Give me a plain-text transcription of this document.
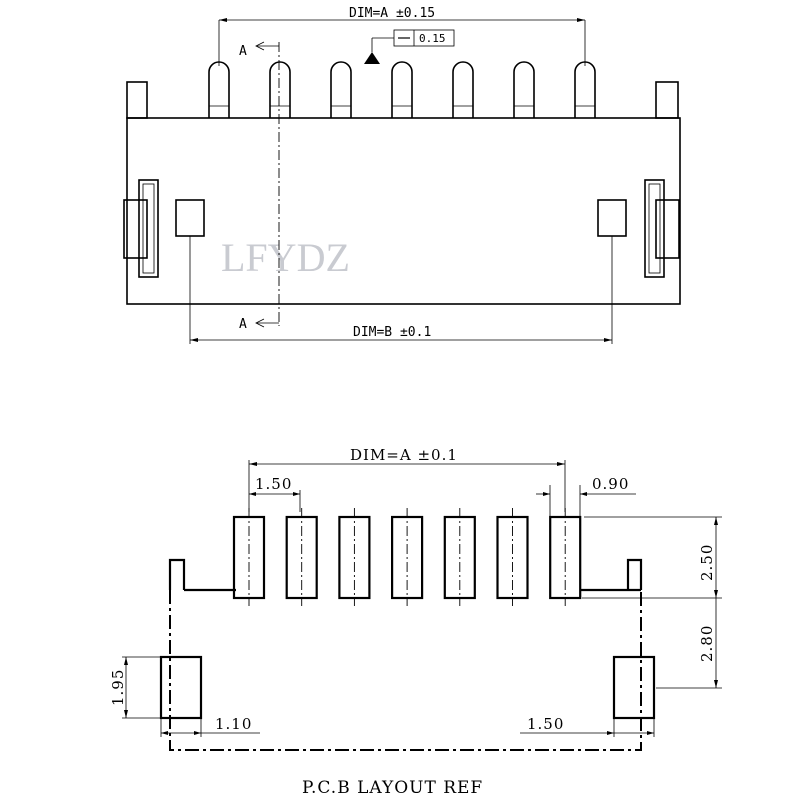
LFYDZ
DIM=A ±0.15
0.15
A
A
DIM=B ±0.1
DIM=A ±0.1
1.50	0.90
2.50
2.80
1.95
1.10	1.50
P.C.B LAYOUT REF
